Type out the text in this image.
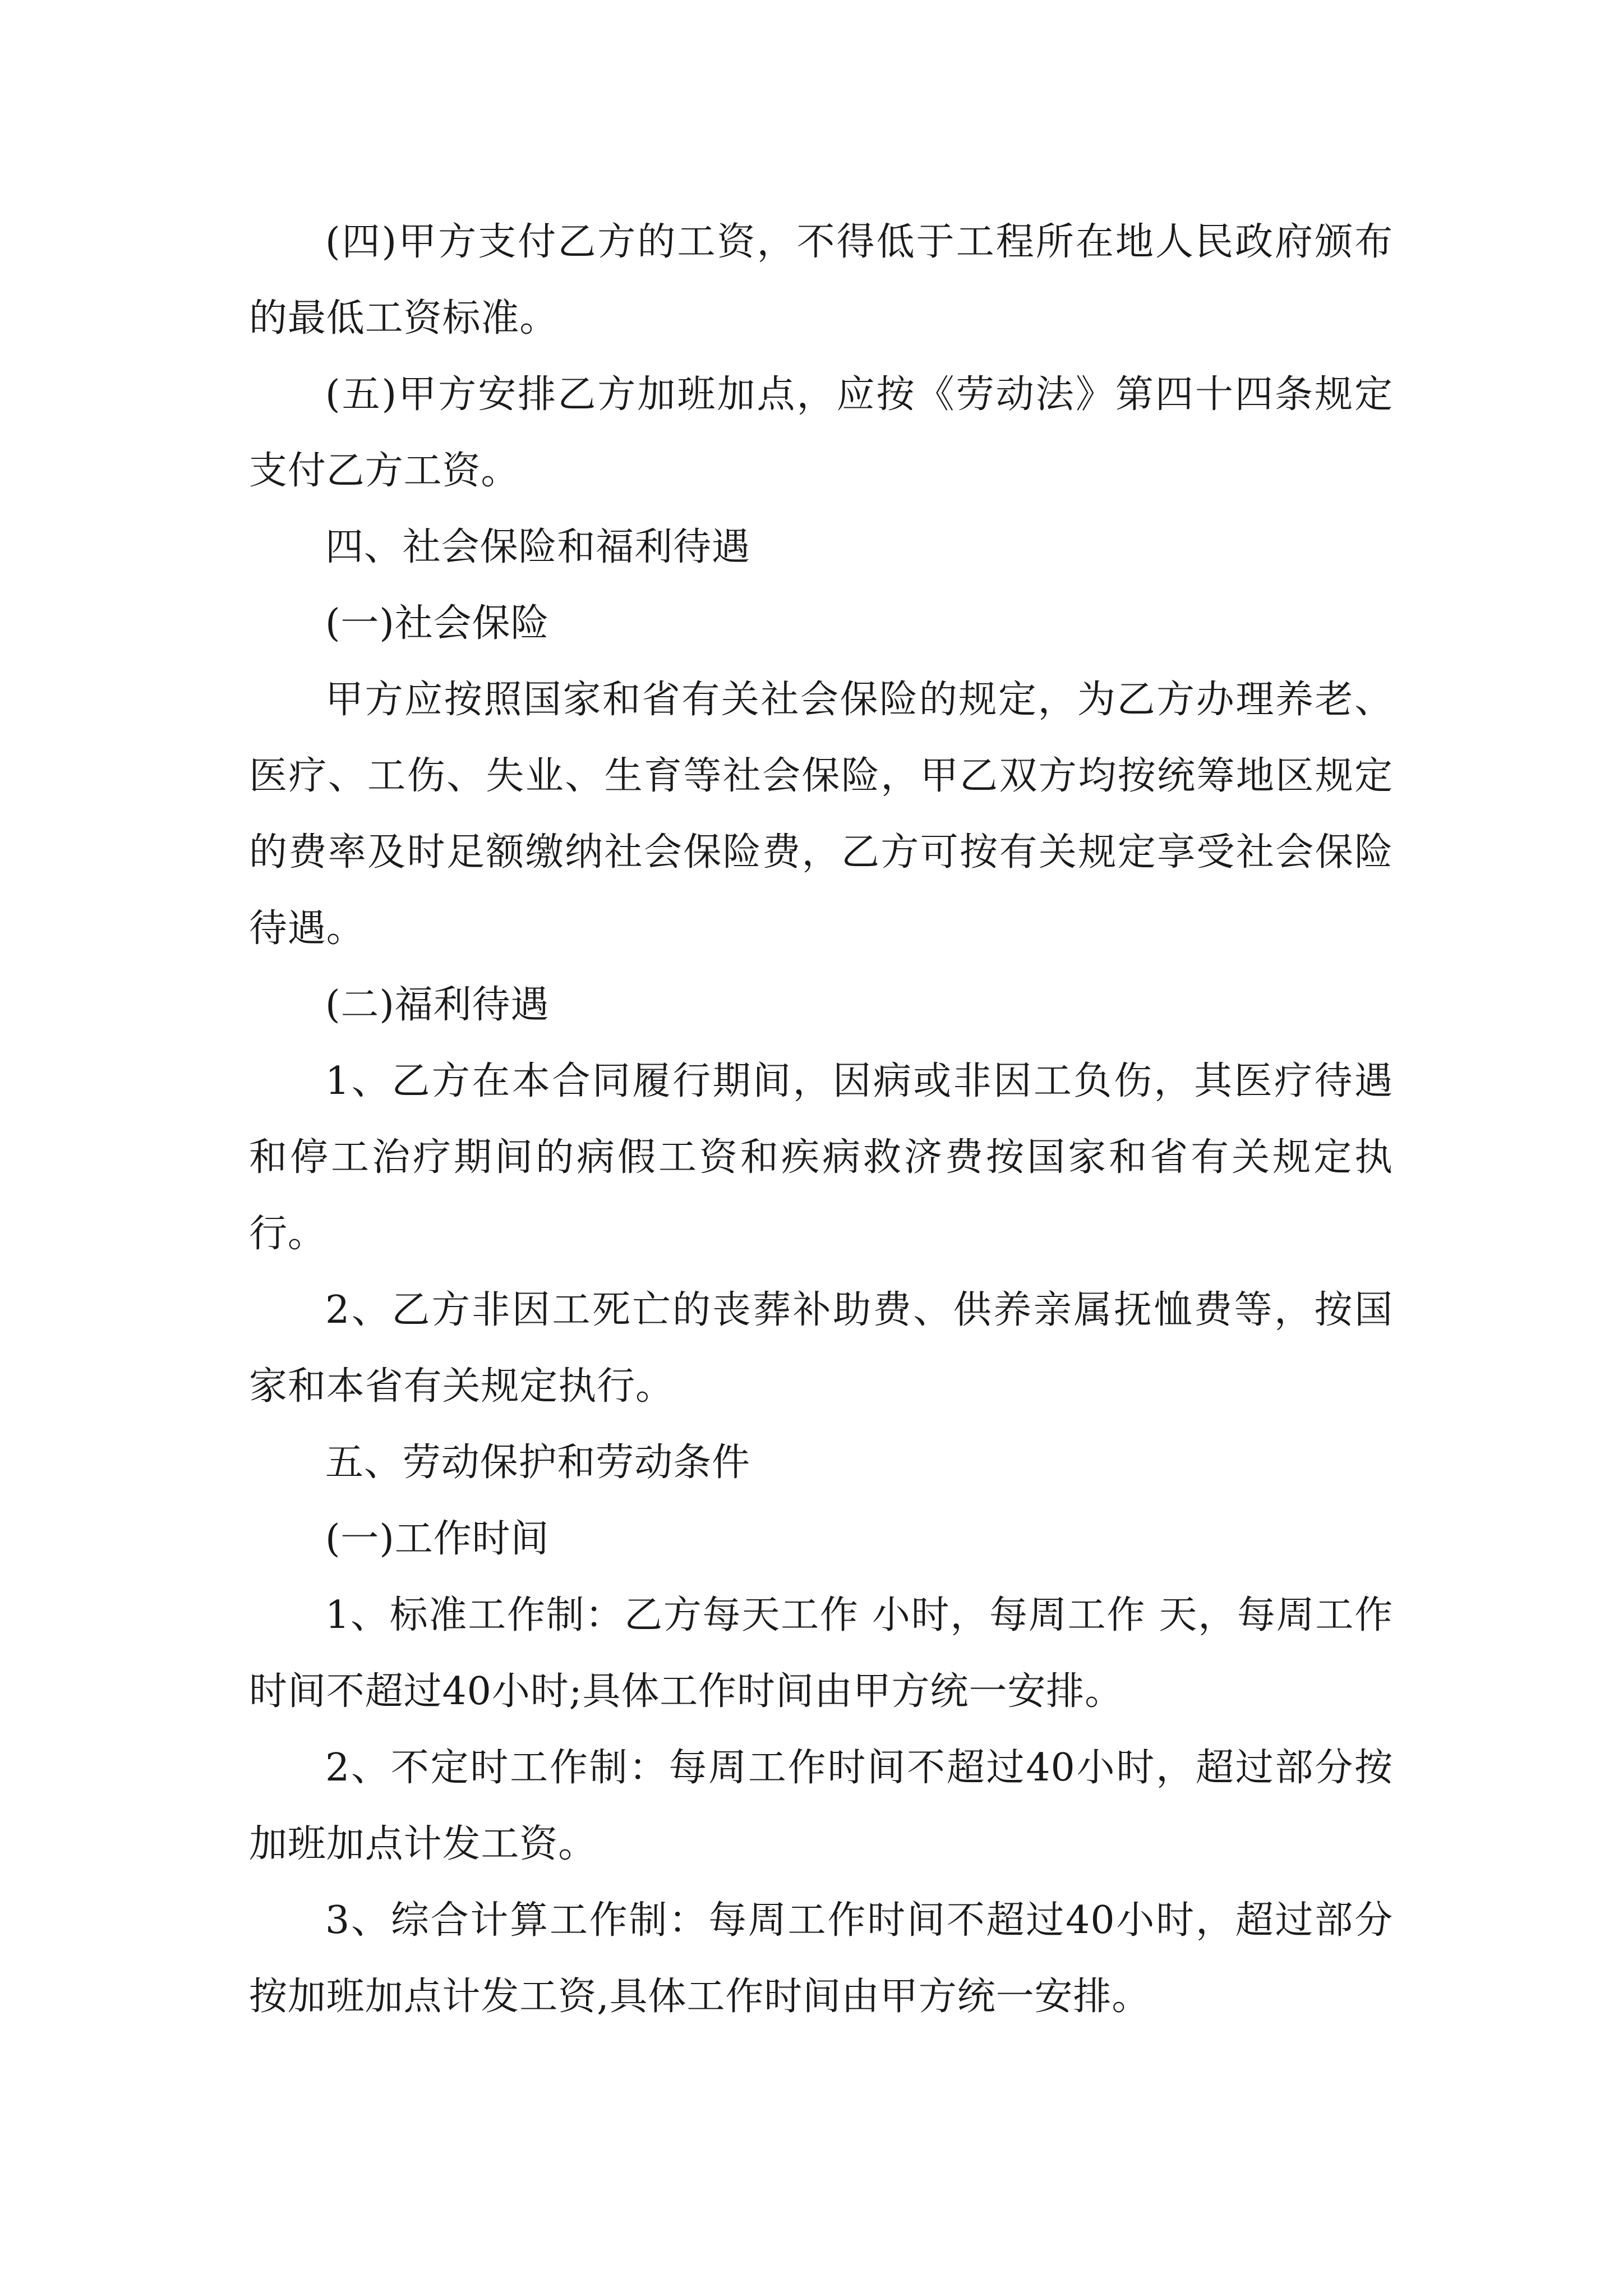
(四)甲方支付乙方的工资，不得低于工程所在地人民政府颁布的最低工资标准。

(五)甲方安排乙方加班加点，应按《劳动法》第四十四条规定支付乙方工资。

四、社会保险和福利待遇

(一)社会保险

甲方应按照国家和省有关社会保险的规定，为乙方办理养老、医疗、工伤、失业、生育等社会保险，甲乙双方均按统筹地区规定的费率及时足额缴纳社会保险费，乙方可按有关规定享受社会保险待遇。

(二)福利待遇

1、乙方在本合同履行期间，因病或非因工负伤，其医疗待遇和停工治疗期间的病假工资和疾病救济费按国家和省有关规定执行。

2、乙方非因工死亡的丧葬补助费、供养亲属抚恤费等，按国家和本省有关规定执行。

五、劳动保护和劳动条件

(一)工作时间

1、标准工作制：乙方每天工作 小时，每周工作 天，每周工作时间不超过40小时;具体工作时间由甲方统一安排。

2、不定时工作制：每周工作时间不超过40小时，超过部分按加班加点计发工资。

3、综合计算工作制：每周工作时间不超过40小时，超过部分按加班加点计发工资,具体工作时间由甲方统一安排。
